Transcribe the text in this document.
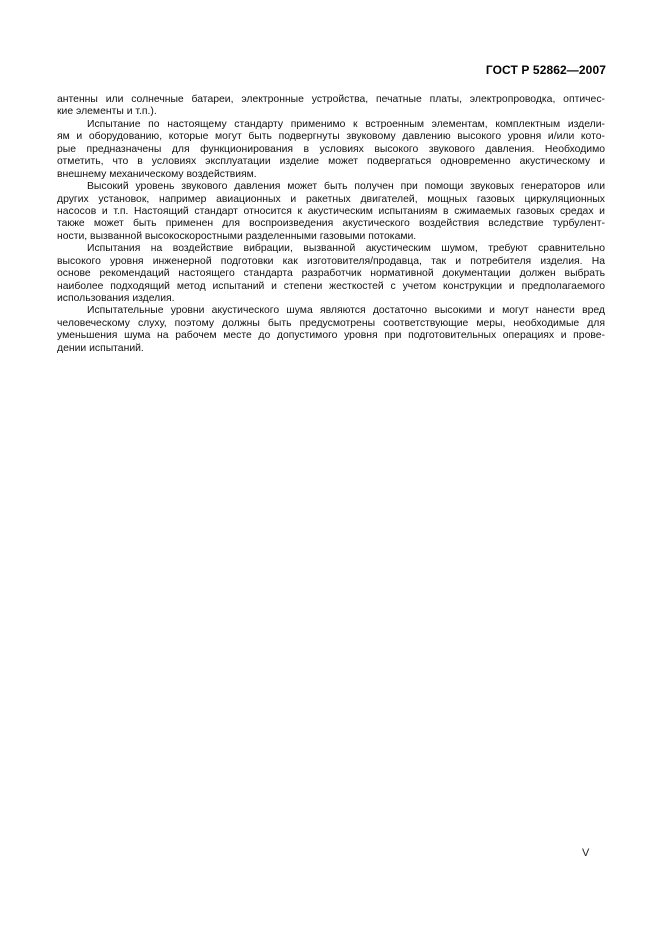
ГОСТ Р 52862—2007
антенны или солнечные батареи, электронные устройства, печатные платы, электропроводка, оптичес-
кие элементы и т.п.).
Испытание по настоящему стандарту применимо к встроенным элементам, комплектным издели-
ям и оборудованию, которые могут быть подвергнуты звуковому давлению высокого уровня и/или кото-
рые предназначены для функционирования в условиях высокого звукового давления. Необходимо
отметить, что в условиях эксплуатации изделие может подвергаться одновременно акустическому и
внешнему механическому воздействиям.
Высокий уровень звукового давления может быть получен при помощи звуковых генераторов или
других установок, например авиационных и ракетных двигателей, мощных газовых циркуляционных
насосов и т.п. Настоящий стандарт относится к акустическим испытаниям в сжимаемых газовых средах и
также может быть применен для воспроизведения акустического воздействия вследствие турбулент-
ности, вызванной высокоскоростными разделенными газовыми потоками.
Испытания на воздействие вибрации, вызванной акустическим шумом, требуют сравнительно
высокого уровня инженерной подготовки как изготовителя/продавца, так и потребителя изделия. На
основе рекомендаций настоящего стандарта разработчик нормативной документации должен выбрать
наиболее подходящий метод испытаний и степени жесткостей с учетом конструкции и предполагаемого
использования изделия.
Испытательные уровни акустического шума являются достаточно высокими и могут нанести вред
человеческому слуху, поэтому должны быть предусмотрены соответствующие меры, необходимые для
уменьшения шума на рабочем месте до допустимого уровня при подготовительных операциях и прове-
дении испытаний.
V
